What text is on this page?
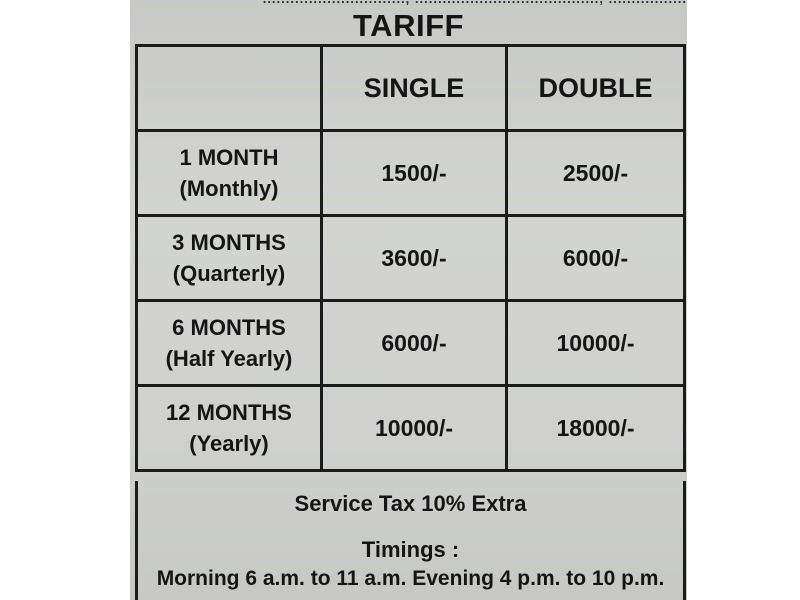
TARIFF
	SINGLE	DOUBLE

1 MONTH
(Monthly)	1500/-	2500/-

3 MONTHS
(Quarterly)	3600/-	6000/-

6 MONTHS
(Half Yearly)	6000/-	10000/-

12 MONTHS
(Yearly)	10000/-	18000/-
Service Tax 10% Extra
Timings :
Morning 6 a.m. to 11 a.m. Evening 4 p.m. to 10 p.m.
